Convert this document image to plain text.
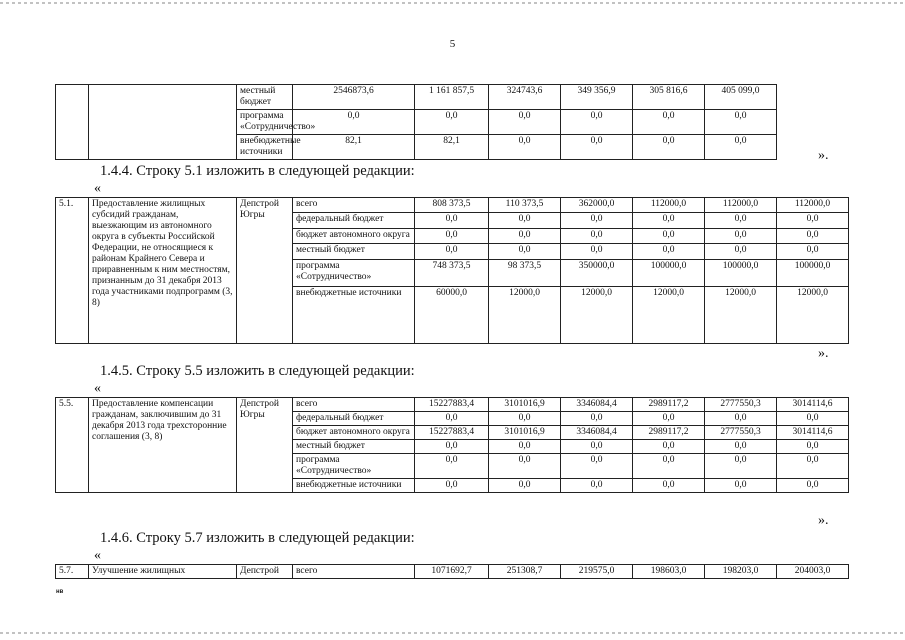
5
		местный бюджет	2546873,6	1 161 857,5	324743,6	349 356,9	305 816,6	405 099,0
		программа «Сотрудничество»	0,0	0,0	0,0	0,0	0,0	0,0
		внебюджетные источники	82,1	82,1	0,0	0,0	0,0	0,0
».
1.4.4. Строку 5.1 изложить в следующей редакции:
«
5.1.	Предоставление жилищных субсидий гражданам, выезжающим из автономного округа в субъекты Российской Федерации, не относящиеся к районам Крайнего Севера и приравненным к ним местностям, признанным до 31 декабря 2013 года участниками подпрограмм (3, 8)	Депстрой Югры	всего	808 373,5	110 373,5	362000,0	112000,0	112000,0	112000,0
			федеральный бюджет	0,0	0,0	0,0	0,0	0,0	0,0
			бюджет автономного округа	0,0	0,0	0,0	0,0	0,0	0,0
			местный бюджет	0,0	0,0	0,0	0,0	0,0	0,0
			программа «Сотрудничество»	748 373,5	98 373,5	350000,0	100000,0	100000,0	100000,0
			внебюджетные источники	60000,0	12000,0	12000,0	12000,0	12000,0	12000,0
».
1.4.5. Строку 5.5 изложить в следующей редакции:
«
5.5.	Предоставление компенсации гражданам, заключившим до 31 декабря 2013 года трехсторонние соглашения (3, 8)	Депстрой Югры	всего	15227883,4	3101016,9	3346084,4	2989117,2	2777550,3	3014114,6
			федеральный бюджет	0,0	0,0	0,0	0,0	0,0	0,0
			бюджет автономного округа	15227883,4	3101016,9	3346084,4	2989117,2	2777550,3	3014114,6
			местный бюджет	0,0	0,0	0,0	0,0	0,0	0,0
			программа «Сотрудничество»	0,0	0,0	0,0	0,0	0,0	0,0
			внебюджетные источники	0,0	0,0	0,0	0,0	0,0	0,0
».
1.4.6. Строку 5.7 изложить в следующей редакции:
«
5.7.	Улучшение жилищных	Депстрой	всего	1071692,7	251308,7	219575,0	198603,0	198203,0	204003,0
нв
